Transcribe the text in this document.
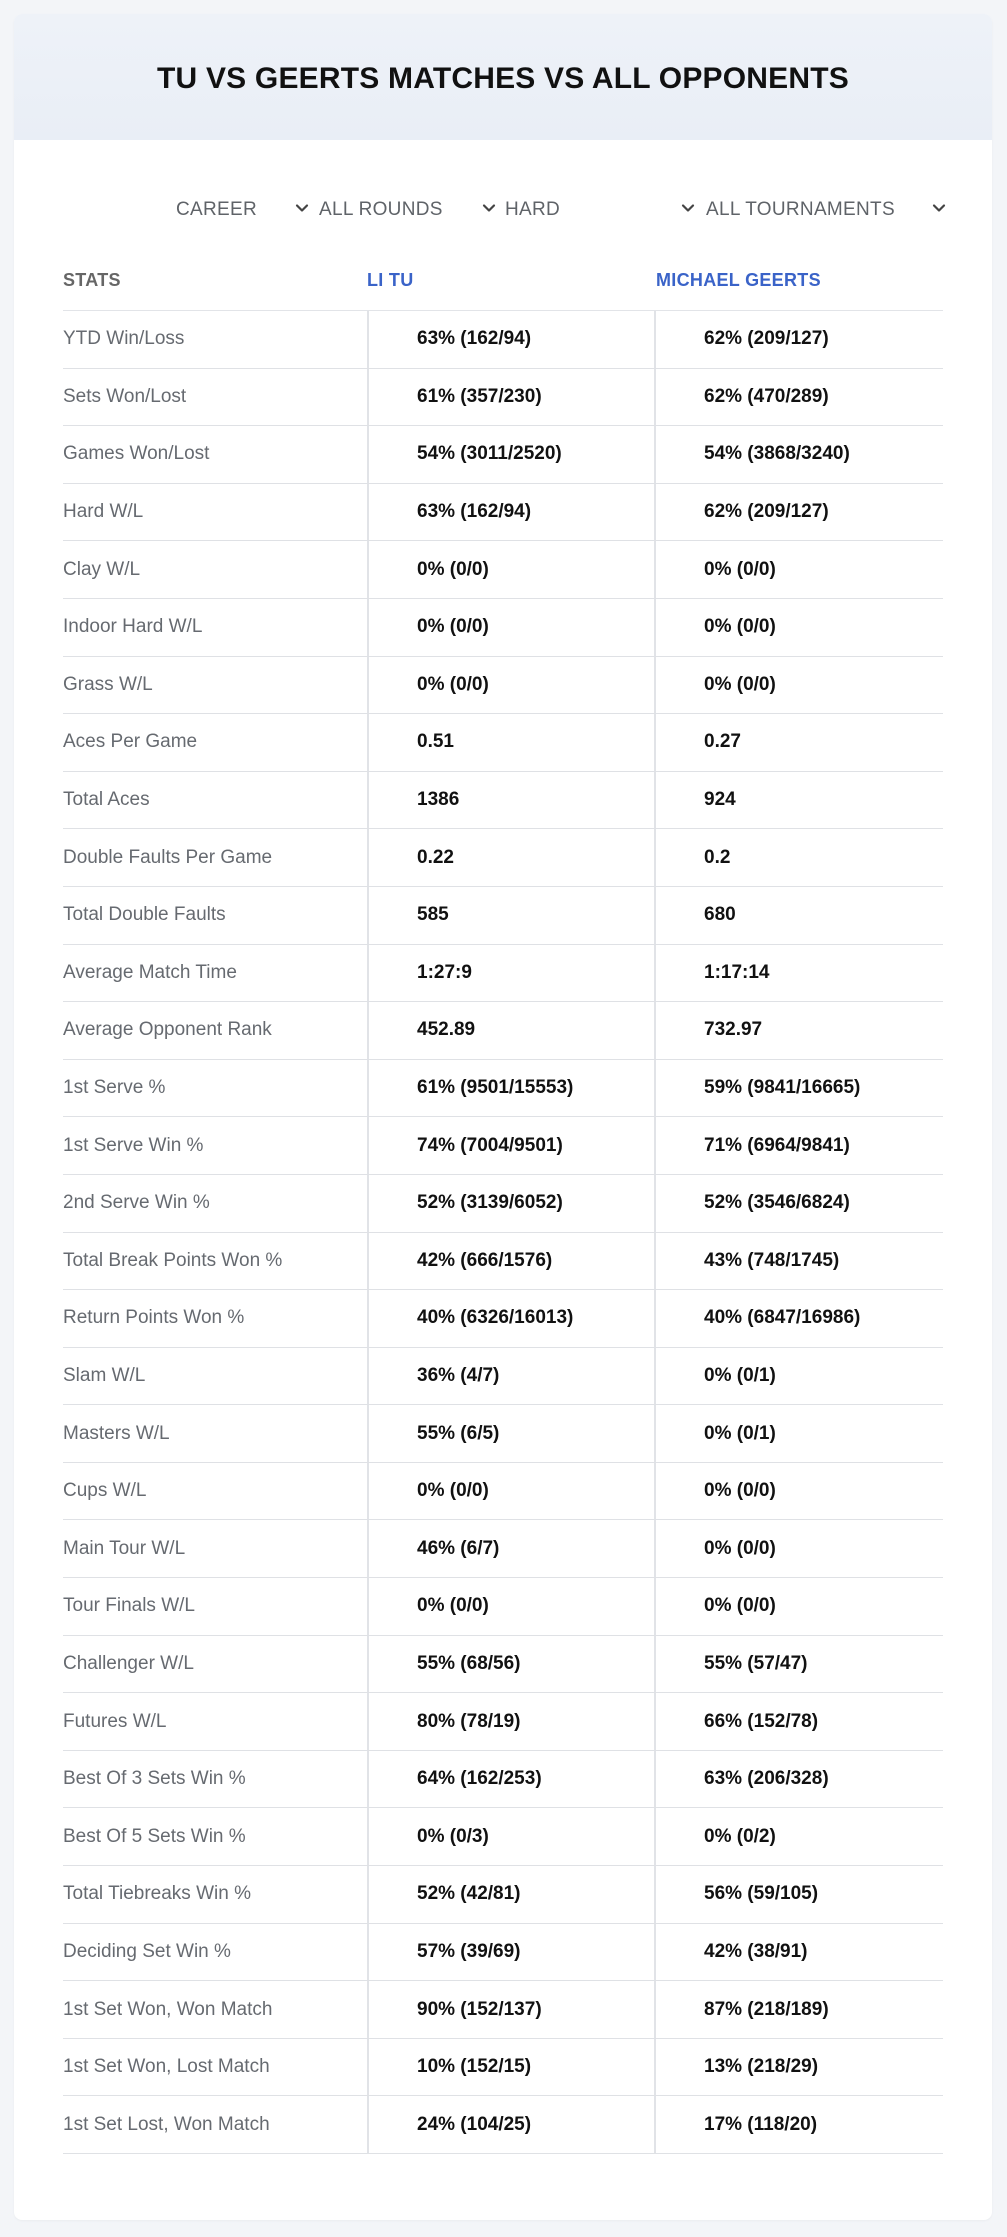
TU VS GEERTS MATCHES VS ALL OPPONENTS
CAREER	ALL ROUNDS	HARD	ALL TOURNAMENTS
STATS	LI TU	MICHAEL GEERTS
YTD Win/Loss	63% (162/94)	62% (209/127)
Sets Won/Lost	61% (357/230)	62% (470/289)
Games Won/Lost	54% (3011/2520)	54% (3868/3240)
Hard W/L	63% (162/94)	62% (209/127)
Clay W/L	0% (0/0)	0% (0/0)
Indoor Hard W/L	0% (0/0)	0% (0/0)
Grass W/L	0% (0/0)	0% (0/0)
Aces Per Game	0.51	0.27
Total Aces	1386	924
Double Faults Per Game	0.22	0.2
Total Double Faults	585	680
Average Match Time	1:27:9	1:17:14
Average Opponent Rank	452.89	732.97
1st Serve %	61% (9501/15553)	59% (9841/16665)
1st Serve Win %	74% (7004/9501)	71% (6964/9841)
2nd Serve Win %	52% (3139/6052)	52% (3546/6824)
Total Break Points Won %	42% (666/1576)	43% (748/1745)
Return Points Won %	40% (6326/16013)	40% (6847/16986)
Slam W/L	36% (4/7)	0% (0/1)
Masters W/L	55% (6/5)	0% (0/1)
Cups W/L	0% (0/0)	0% (0/0)
Main Tour W/L	46% (6/7)	0% (0/0)
Tour Finals W/L	0% (0/0)	0% (0/0)
Challenger W/L	55% (68/56)	55% (57/47)
Futures W/L	80% (78/19)	66% (152/78)
Best Of 3 Sets Win %	64% (162/253)	63% (206/328)
Best Of 5 Sets Win %	0% (0/3)	0% (0/2)
Total Tiebreaks Win %	52% (42/81)	56% (59/105)
Deciding Set Win %	57% (39/69)	42% (38/91)
1st Set Won, Won Match	90% (152/137)	87% (218/189)
1st Set Won, Lost Match	10% (152/15)	13% (218/29)
1st Set Lost, Won Match	24% (104/25)	17% (118/20)
